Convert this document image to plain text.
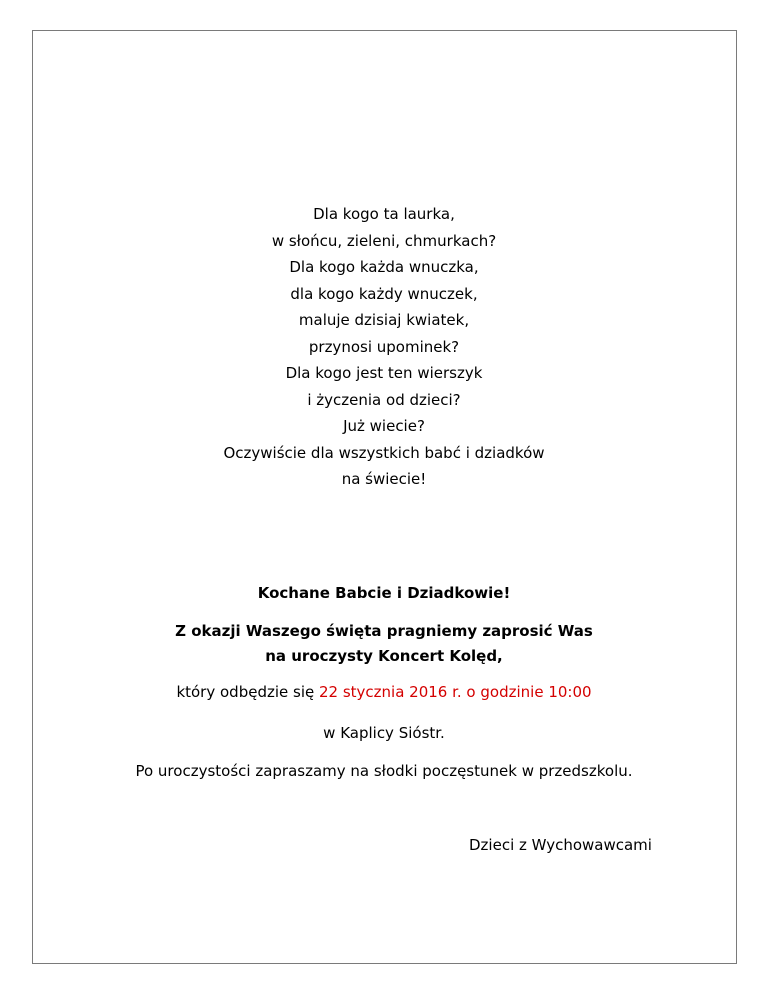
Dla kogo ta laurka,
w słońcu, zieleni, chmurkach?
Dla kogo każda wnuczka,
dla kogo każdy wnuczek,
maluje dzisiaj kwiatek,
przynosi upominek?
Dla kogo jest ten wierszyk
i życzenia od dzieci?
Już wiecie?
Oczywiście dla wszystkich babć i dziadków
na świecie!
Kochane Babcie i Dziadkowie!
Z okazji Waszego święta pragniemy zaprosić Was
na uroczysty Koncert Kolęd,
który odbędzie się 22 stycznia 2016 r. o godzinie 10:00
w Kaplicy Sióstr.
Po uroczystości zapraszamy na słodki poczęstunek w przedszkolu.
Dzieci z Wychowawcami
